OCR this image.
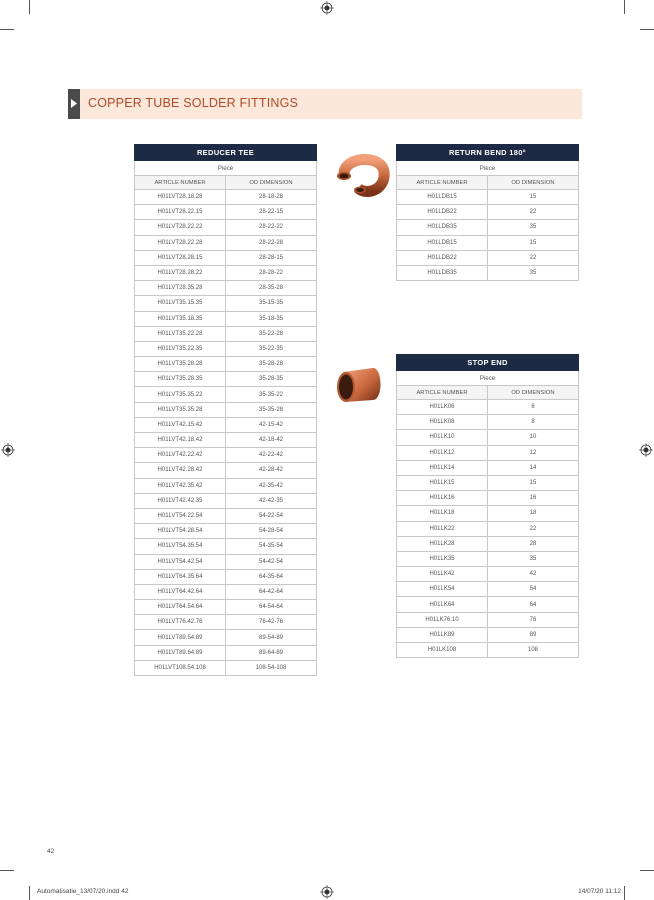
COPPER TUBE SOLDER FITTINGS
REDUCER TEE	
Piece	
ARTICLE NUMBER	OD DIMENSION
H01LVT28.18.28	28-18-28
H01LVT28.22.15	28-22-15
H01LVT28.22.22	28-22-22
H01LVT28.22.28	28-22-28
H01LVT28.28.15	28-28-15
H01LVT28.28.22	28-28-22
H01LVT28.35.28	28-35-28
H01LVT35.15.35	35-15-35
H01LVT35.18.35	35-18-35
H01LVT35.22.28	35-22-28
H01LVT35.22.35	35-22-35
H01LVT35.28.28	35-28-28
H01LVT35.28.35	35-28-35
H01LVT35.35.22	35-35-22
H01LVT35.35.28	35-35-28
H01LVT42.15.42	42-15-42
H01LVT42.18.42	42-18-42
H01LVT42.22.42	42-22-42
H01LVT42.28.42	42-28-42
H01LVT42.35.42	42-35-42
H01LVT42.42.35	42-42-35
H01LVT54.22.54	54-22-54
H01LVT54.28.54	54-28-54
H01LVT54.35.54	54-35-54
H01LVT54.42.54	54-42-54
H01LVT64.35.64	64-35-64
H01LVT64.42.64	64-42-64
H01LVT64.54.64	64-54-64
H01LVT76.42.76	76-42-76
H01LVT89.54.89	89-54-89
H01LVT89.64.89	89-64-89
H01LVT108.54.108	108-54-108
RETURN BEND 180°	
Piece	
ARTICLE NUMBER	OD DIMENSION
H01LDB15	15
H01LDB22	22
H01LDB35	35
H01LDB15	15
H01LDB22	22
H01LDB35	35
STOP END	
Piece	
ARTICLE NUMBER	OD DIMENSION
H01LK06	6
H01LK08	8
H01LK10	10
H01LK12	12
H01LK14	14
H01LK15	15
H01LK16	16
H01LK18	18
H01LK22	22
H01LK28	28
H01LK35	35
H01LK42	42
H01LK54	54
H01LK64	64
H01LK76.10	76
H01LK89	89
H01LK108	108
42
Automatisatie_13/07/20.indd 42	14/07/20 11:12
